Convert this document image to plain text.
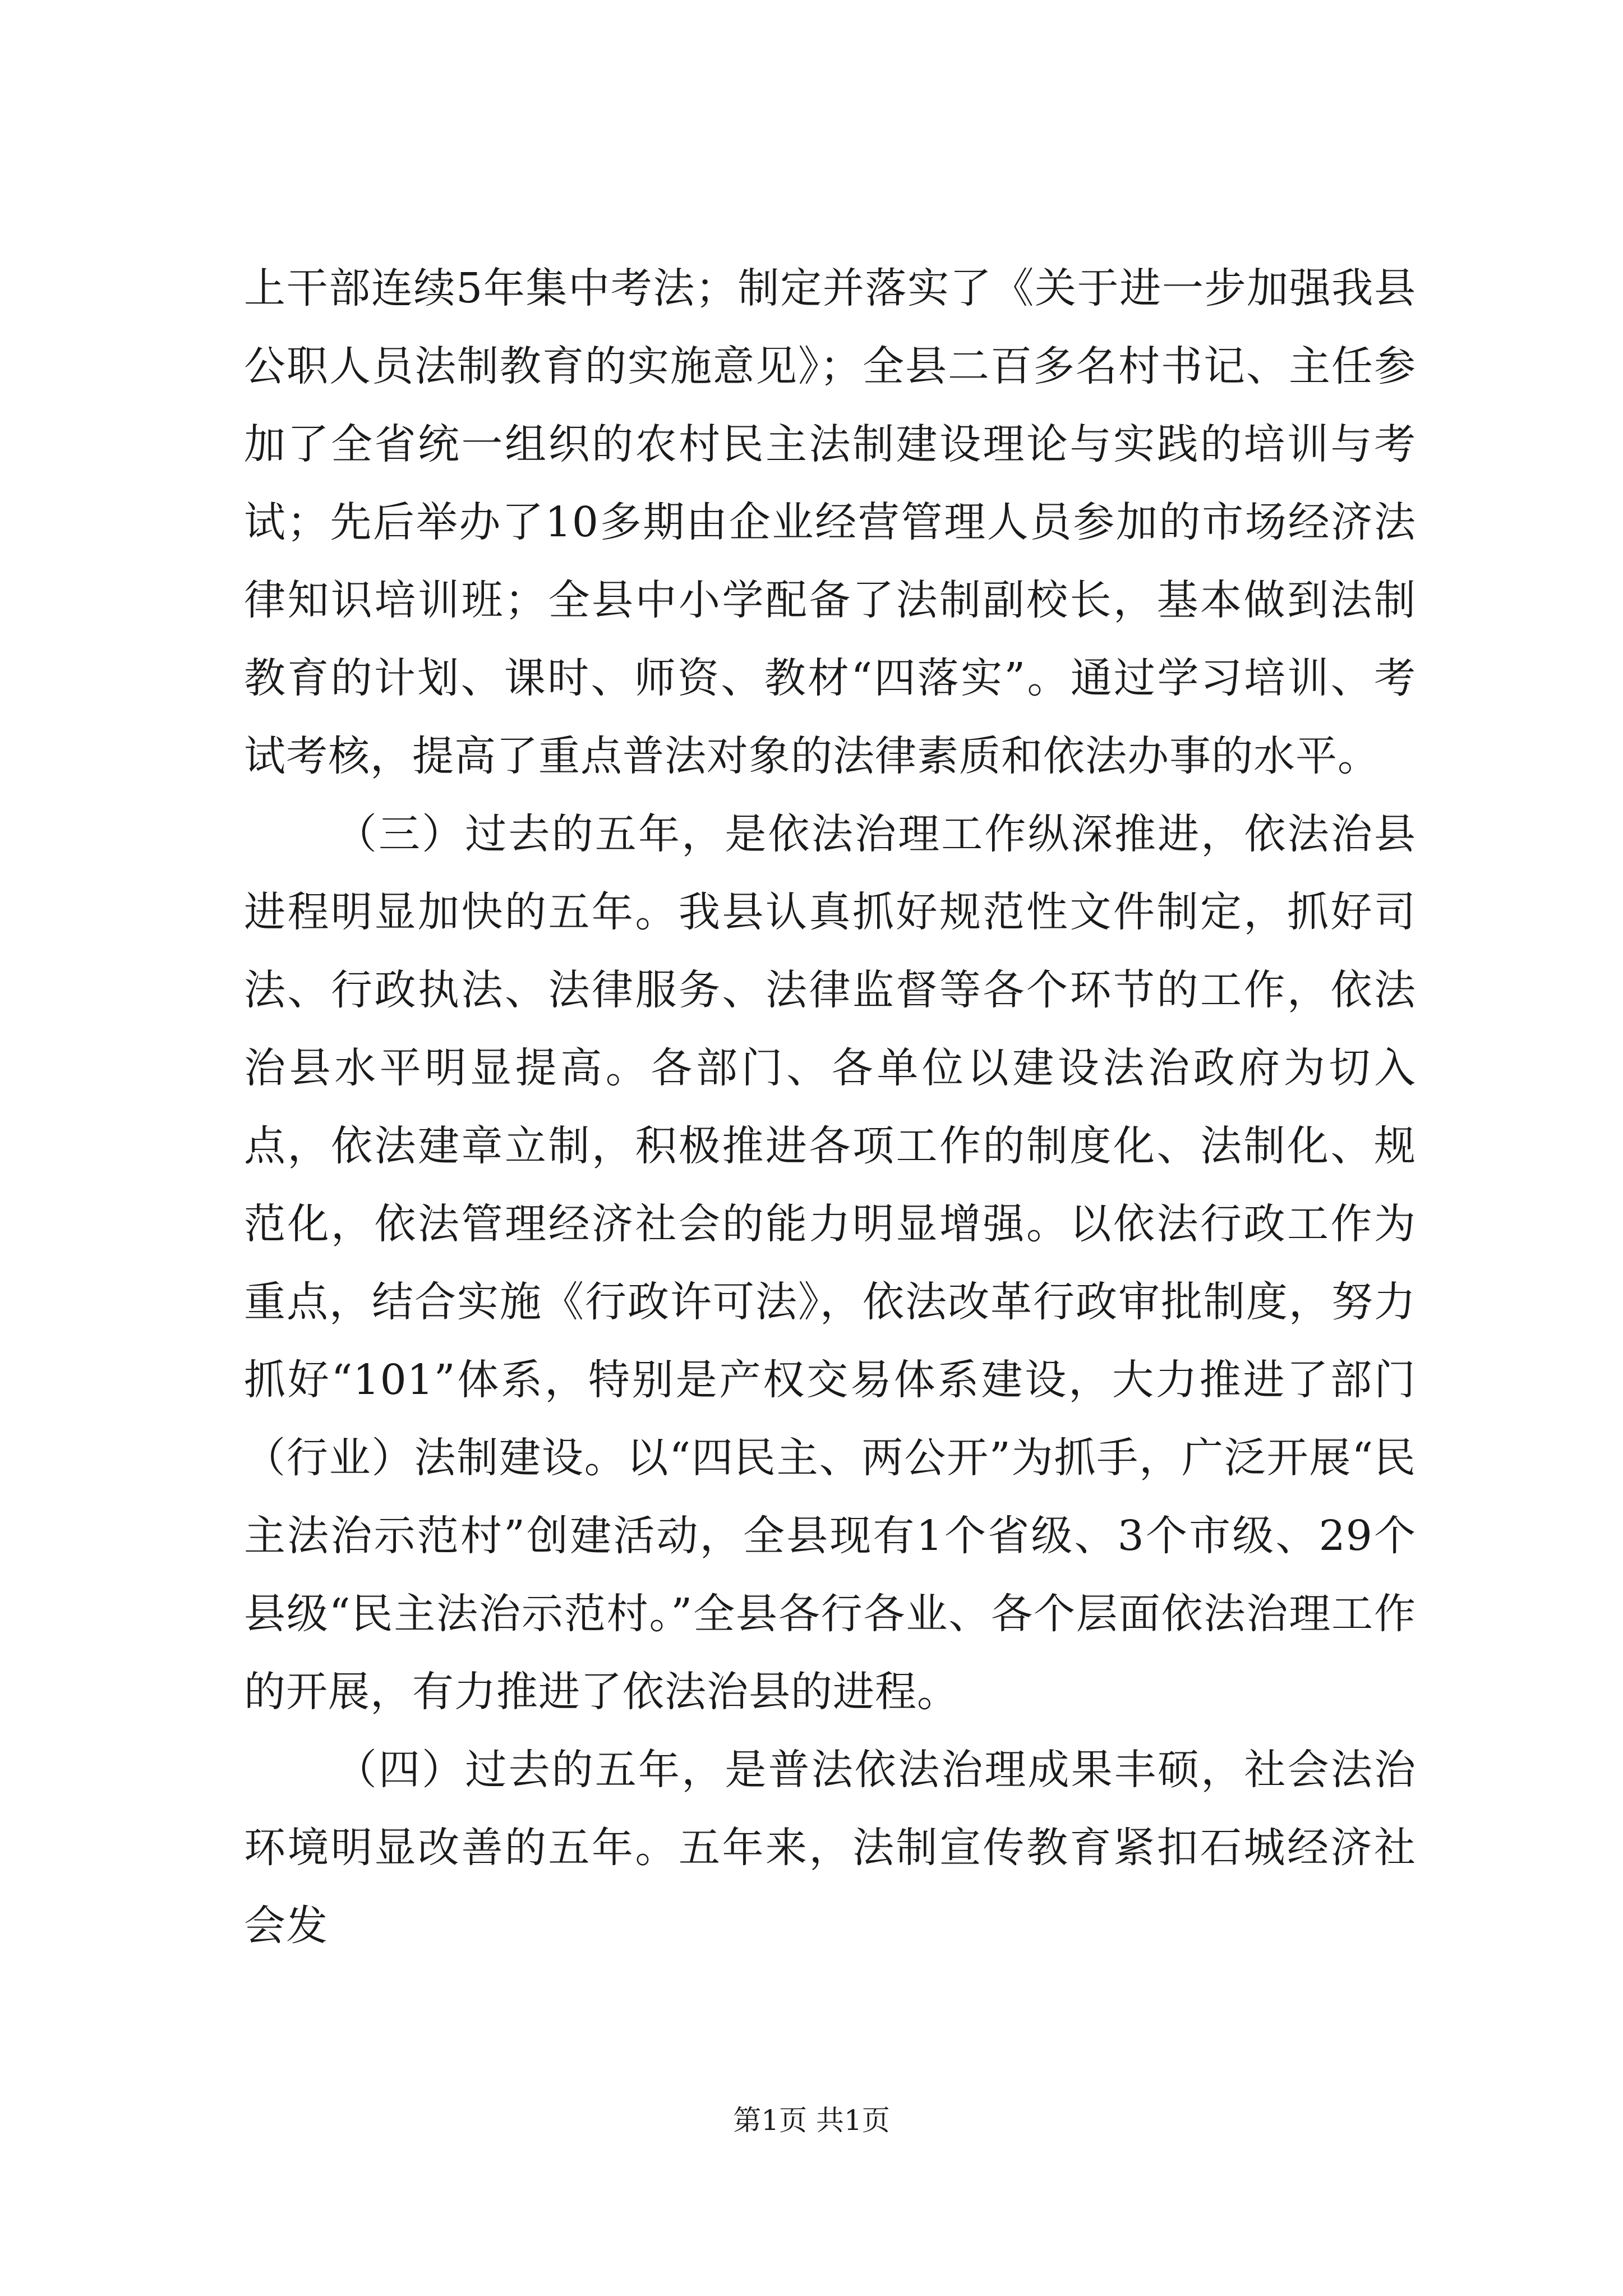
上干部连续5年集中考法；制定并落实了《关于进一步加强我县公职人员法制教育的实施意见》；全县二百多名村书记、主任参加了全省统一组织的农村民主法制建设理论与实践的培训与考试；先后举办了10多期由企业经营管理人员参加的市场经济法律知识培训班；全县中小学配备了法制副校长，基本做到法制教育的计划、课时、师资、教材“四落实”。通过学习培训、考试考核，提高了重点普法对象的法律素质和依法办事的水平。

（三）过去的五年，是依法治理工作纵深推进，依法治县进程明显加快的五年。我县认真抓好规范性文件制定，抓好司法、行政执法、法律服务、法律监督等各个环节的工作，依法治县水平明显提高。各部门、各单位以建设法治政府为切入点，依法建章立制，积极推进各项工作的制度化、法制化、规范化，依法管理经济社会的能力明显增强。以依法行政工作为重点，结合实施《行政许可法》，依法改革行政审批制度，努力抓好“101”体系，特别是产权交易体系建设，大力推进了部门（行业）法制建设。以“四民主、两公开”为抓手，广泛开展“民主法治示范村”创建活动，全县现有1个省级、3个市级、29个县级“民主法治示范村。”全县各行各业、各个层面依法治理工作的开展，有力推进了依法治县的进程。

（四）过去的五年，是普法依法治理成果丰硕，社会法治环境明显改善的五年。五年来，法制宣传教育紧扣石城经济社会发

第1页 共1页
